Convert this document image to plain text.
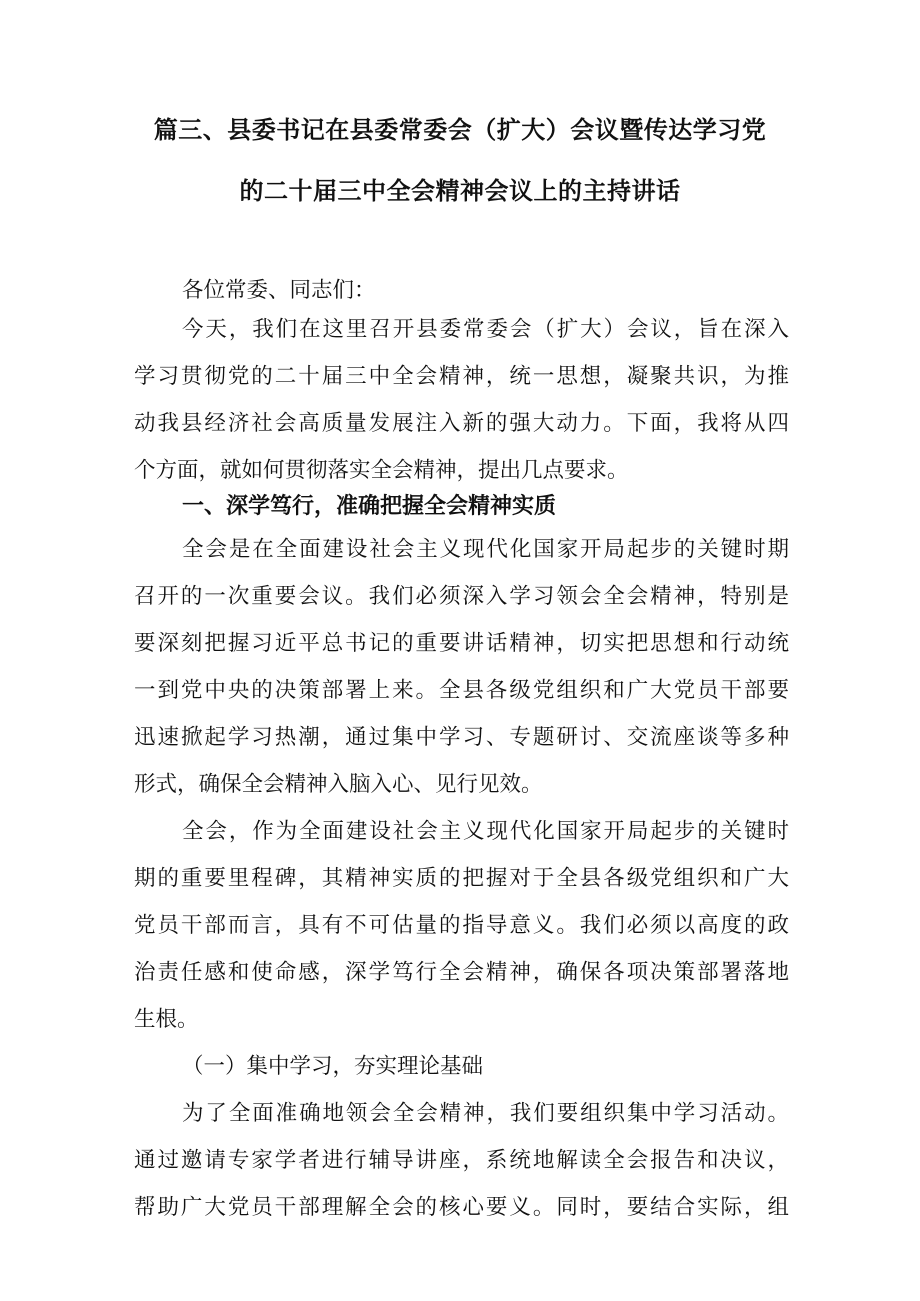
篇三、县委书记在县委常委会（扩大）会议暨传达学习党
的二十届三中全会精神会议上的主持讲话
各位常委、同志们：
今天，我们在这里召开县委常委会（扩大）会议，旨在深入
学习贯彻党的二十届三中全会精神，统一思想，凝聚共识，为推
动我县经济社会高质量发展注入新的强大动力。下面，我将从四
个方面，就如何贯彻落实全会精神，提出几点要求。
一、深学笃行，准确把握全会精神实质
全会是在全面建设社会主义现代化国家开局起步的关键时期
召开的一次重要会议。我们必须深入学习领会全会精神，特别是
要深刻把握习近平总书记的重要讲话精神，切实把思想和行动统
一到党中央的决策部署上来。全县各级党组织和广大党员干部要
迅速掀起学习热潮，通过集中学习、专题研讨、交流座谈等多种
形式，确保全会精神入脑入心、见行见效。
全会，作为全面建设社会主义现代化国家开局起步的关键时
期的重要里程碑，其精神实质的把握对于全县各级党组织和广大
党员干部而言，具有不可估量的指导意义。我们必须以高度的政
治责任感和使命感，深学笃行全会精神，确保各项决策部署落地
生根。
（一）集中学习，夯实理论基础
为了全面准确地领会全会精神，我们要组织集中学习活动。
通过邀请专家学者进行辅导讲座，系统地解读全会报告和决议，
帮助广大党员干部理解全会的核心要义。同时，要结合实际，组
